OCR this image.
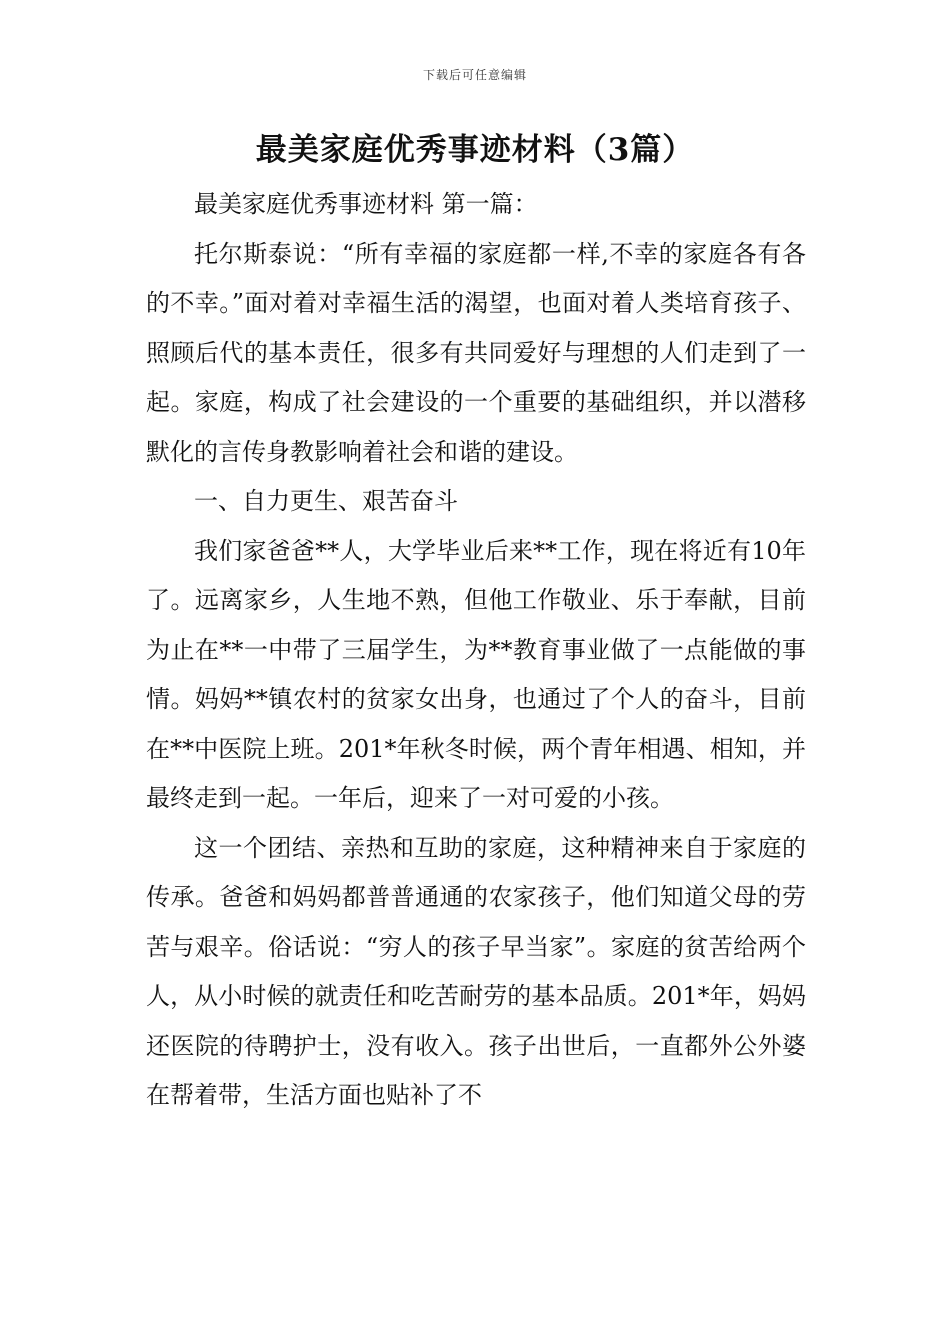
下载后可任意编辑
最美家庭优秀事迹材料（3篇）

最美家庭优秀事迹材料 第一篇：

托尔斯泰说：“所有幸福的家庭都一样,不幸的家庭各有各的不幸。”面对着对幸福生活的渴望，也面对着人类培育孩子、照顾后代的基本责任，很多有共同爱好与理想的人们走到了一起。家庭，构成了社会建设的一个重要的基础组织，并以潜移默化的言传身教影响着社会和谐的建设。

一、自力更生、艰苦奋斗

我们家爸爸**人，大学毕业后来**工作，现在将近有10年了。远离家乡，人生地不熟，但他工作敬业、乐于奉献，目前为止在**一中带了三届学生，为**教育事业做了一点能做的事情。妈妈**镇农村的贫家女出身，也通过了个人的奋斗，目前在**中医院上班。201*年秋冬时候，两个青年相遇、相知，并最终走到一起。一年后，迎来了一对可爱的小孩。

这一个团结、亲热和互助的家庭，这种精神来自于家庭的传承。爸爸和妈妈都普普通通的农家孩子，他们知道父母的劳苦与艰辛。俗话说：“穷人的孩子早当家”。家庭的贫苦给两个人，从小时候的就责任和吃苦耐劳的基本品质。201*年，妈妈还医院的待聘护士，没有收入。孩子出世后，一直都外公外婆在帮着带，生活方面也贴补了不
